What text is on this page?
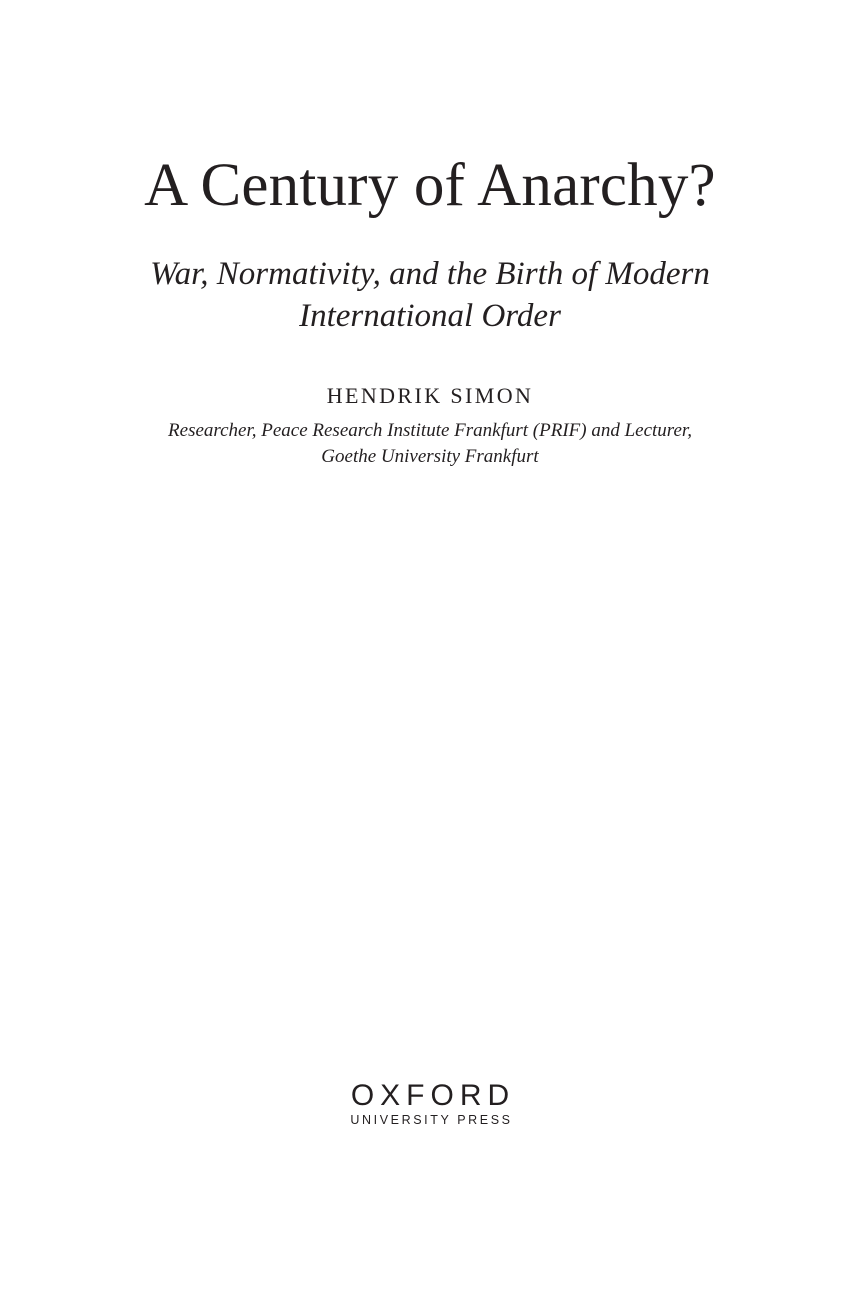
A Century of Anarchy?
War, Normativity, and the Birth of Modern
International Order
HENDRIK SIMON
Researcher, Peace Research Institute Frankfurt (PRIF) and Lecturer,
Goethe University Frankfurt
OXFORD
UNIVERSITY PRESS
